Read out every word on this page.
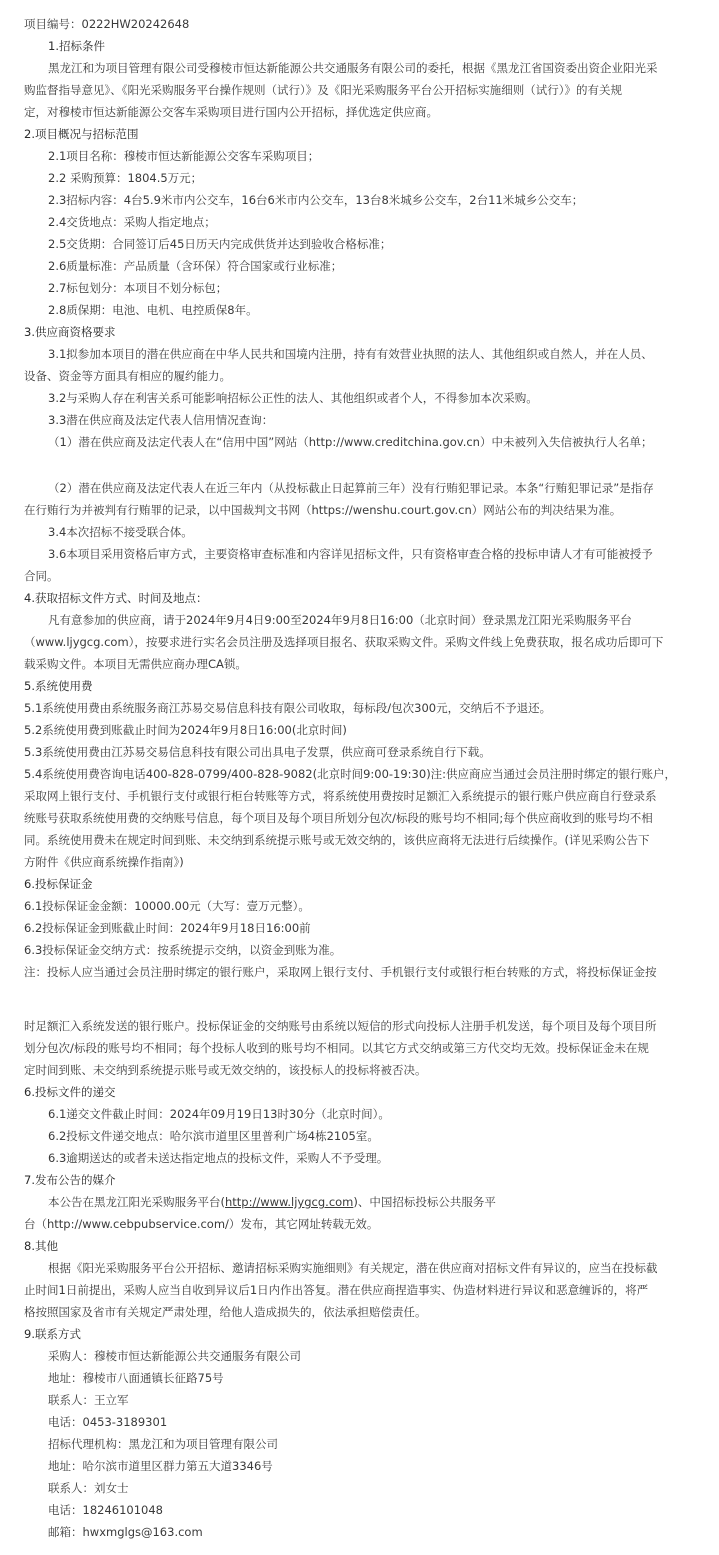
项目编号：0222HW20242648
1.招标条件
黑龙江和为项目管理有限公司受穆棱市恒达新能源公共交通服务有限公司的委托，根据《黑龙江省国资委出资企业阳光采
购监督指导意见》、《阳光采购服务平台操作规则（试行）》及《阳光采购服务平台公开招标实施细则（试行）》的有关规
定，对穆棱市恒达新能源公交客车采购项目进行国内公开招标，择优选定供应商。
2.项目概况与招标范围
2.1项目名称：穆棱市恒达新能源公交客车采购项目；
2.2 采购预算：1804.5万元；
2.3招标内容：4台5.9米市内公交车，16台6米市内公交车，13台8米城乡公交车，2台11米城乡公交车；
2.4交货地点：采购人指定地点；
2.5交货期：合同签订后45日历天内完成供货并达到验收合格标准；
2.6质量标准：产品质量（含环保）符合国家或行业标准；
2.7标包划分：本项目不划分标包；
2.8质保期：电池、电机、电控质保8年。
3.供应商资格要求
3.1拟参加本项目的潜在供应商在中华人民共和国境内注册，持有有效营业执照的法人、其他组织或自然人，并在人员、
设备、资金等方面具有相应的履约能力。
3.2与采购人存在利害关系可能影响招标公正性的法人、其他组织或者个人，不得参加本次采购。
3.3潜在供应商及法定代表人信用情况查询：
（1）潜在供应商及法定代表人在“信用中国”网站（http://www.creditchina.gov.cn）中未被列入失信被执行人名单；
（2）潜在供应商及法定代表人在近三年内（从投标截止日起算前三年）没有行贿犯罪记录。本条“行贿犯罪记录”是指存
在行贿行为并被判有行贿罪的记录，以中国裁判文书网（https://wenshu.court.gov.cn）网站公布的判决结果为准。
3.4本次招标不接受联合体。
3.6本项目采用资格后审方式，主要资格审查标准和内容详见招标文件，只有资格审查合格的投标申请人才有可能被授予
合同。
4.获取招标文件方式、时间及地点：
凡有意参加的供应商，请于2024年9月4日9:00至2024年9月8日16:00（北京时间）登录黑龙江阳光采购服务平台
（www.ljygcg.com），按要求进行实名会员注册及选择项目报名、获取采购文件。采购文件线上免费获取，报名成功后即可下
载采购文件。本项目无需供应商办理CA锁。
5.系统使用费
5.1系统使用费由系统服务商江苏易交易信息科技有限公司收取，每标段/包次300元，交纳后不予退还。
5.2系统使用费到账截止时间为2024年9月8日16:00(北京时间)
5.3系统使用费由江苏易交易信息科技有限公司出具电子发票，供应商可登录系统自行下载。
5.4系统使用费咨询电话400-828-0799/400-828-9082(北京时间9:00-19:30)注:供应商应当通过会员注册时绑定的银行账户，
采取网上银行支付、手机银行支付或银行柜台转账等方式，将系统使用费按时足额汇入系统提示的银行账户供应商自行登录系
统账号获取系统使用费的交纳账号信息，每个项目及每个项目所划分包次/标段的账号均不相同;每个供应商收到的账号均不相
同。系统使用费未在规定时间到账、未交纳到系统提示账号或无效交纳的，该供应商将无法进行后续操作。(详见采购公告下
方附件《供应商系统操作指南》)
6.投标保证金
6.1投标保证金金额：10000.00元（大写：壹万元整）。
6.2投标保证金到账截止时间：2024年9月18日16:00前
6.3投标保证金交纳方式：按系统提示交纳，以资金到账为准。
注：投标人应当通过会员注册时绑定的银行账户，采取网上银行支付、手机银行支付或银行柜台转账的方式，将投标保证金按
时足额汇入系统发送的银行账户。投标保证金的交纳账号由系统以短信的形式向投标人注册手机发送，每个项目及每个项目所
划分包次/标段的账号均不相同；每个投标人收到的账号均不相同。以其它方式交纳或第三方代交均无效。投标保证金未在规
定时间到账、未交纳到系统提示账号或无效交纳的，该投标人的投标将被否决。
6.投标文件的递交
6.1递交文件截止时间：2024年09月19日13时30分（北京时间）。
6.2投标文件递交地点：哈尔滨市道里区里普利广场4栋2105室。
6.3逾期送达的或者未送达指定地点的投标文件，采购人不予受理。
7.发布公告的媒介
本公告在黑龙江阳光采购服务平台(http://www.ljygcg.com)、中国招标投标公共服务平
台（http://www.cebpubservice.com/）发布，其它网址转载无效。
8.其他
根据《阳光采购服务平台公开招标、邀请招标采购实施细则》有关规定，潜在供应商对招标文件有异议的，应当在投标截
止时间1日前提出，采购人应当自收到异议后1日内作出答复。潜在供应商捏造事实、伪造材料进行异议和恶意缠诉的，将严
格按照国家及省市有关规定严肃处理，给他人造成损失的，依法承担赔偿责任。
9.联系方式
采购人：穆棱市恒达新能源公共交通服务有限公司
地址：穆棱市八面通镇长征路75号
联系人：王立军
电话：0453-3189301
招标代理机构：黑龙江和为项目管理有限公司
地址：哈尔滨市道里区群力第五大道3346号
联系人：刘女士
电话：18246101048
邮箱：hwxmglgs@163.com
